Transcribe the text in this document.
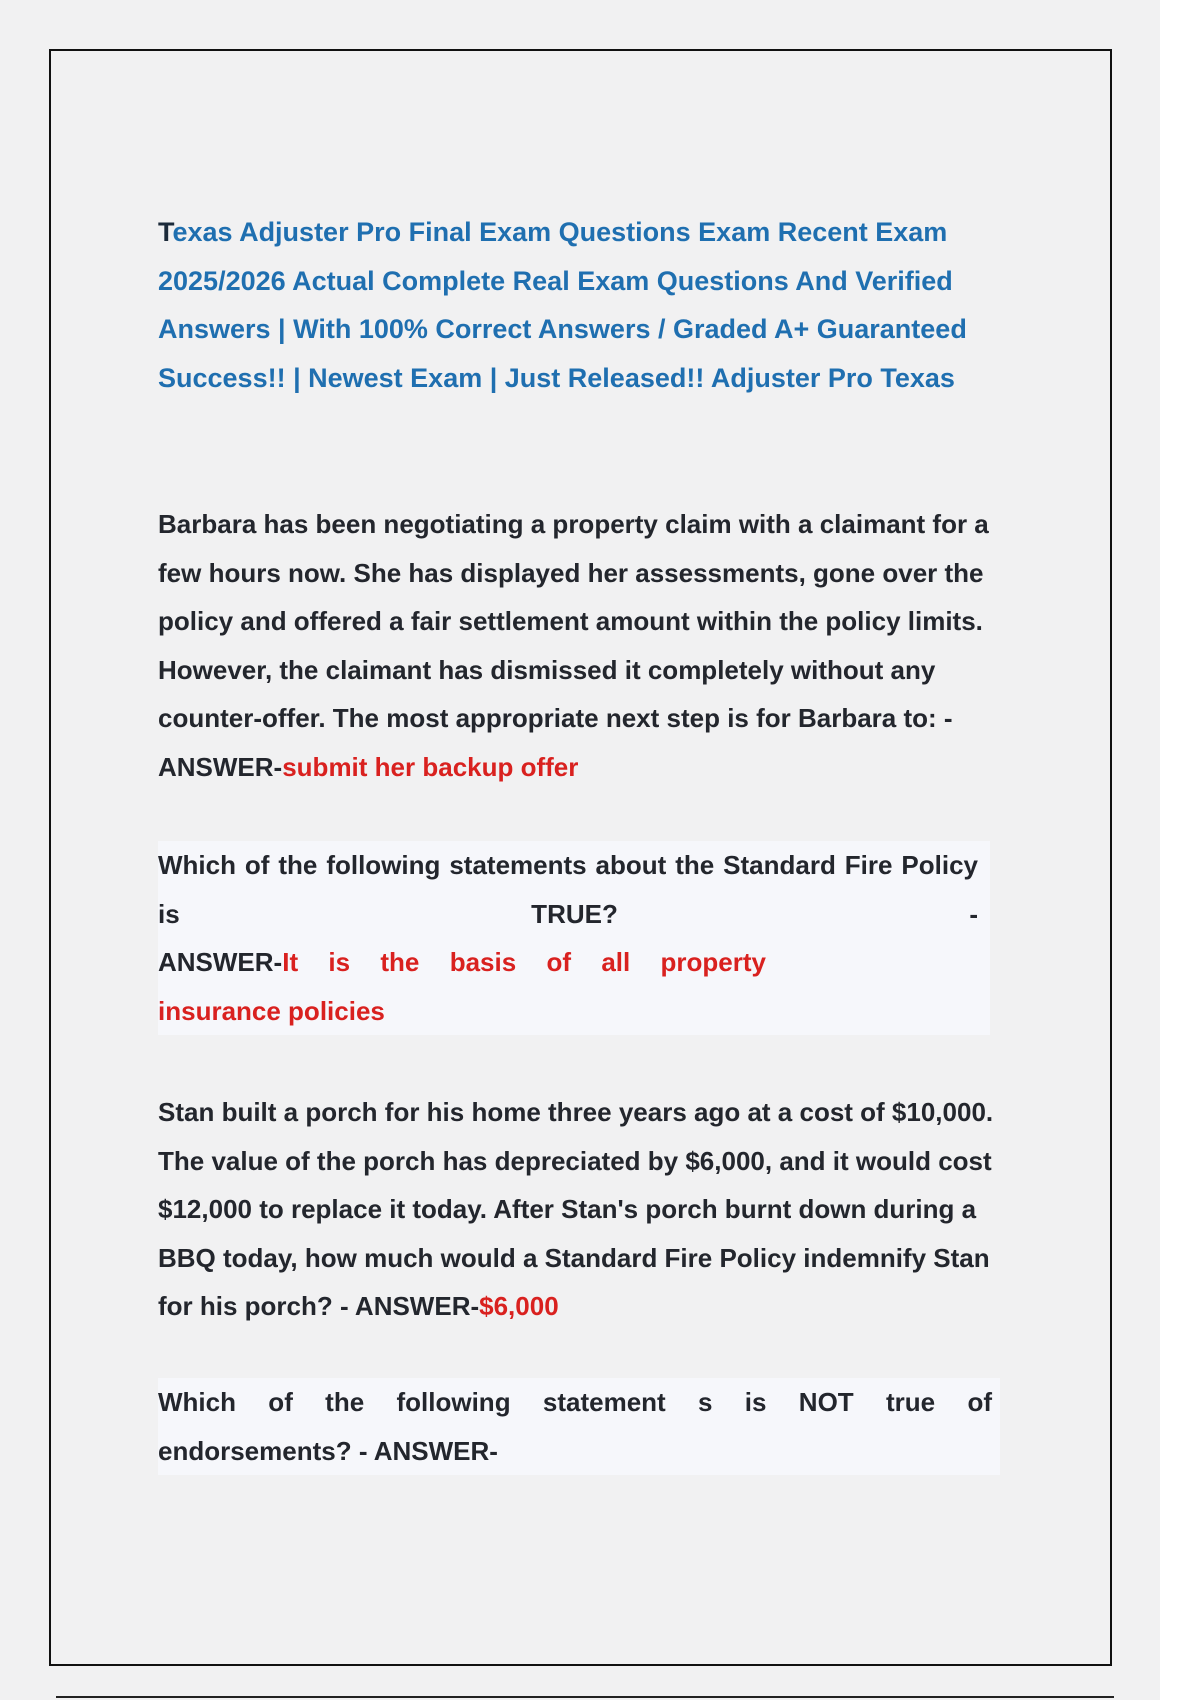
Texas Adjuster Pro Final Exam Questions Exam Recent Exam 2025/2026 Actual Complete Real Exam Questions And Verified Answers | With 100% Correct Answers / Graded A+ Guaranteed Success!! | Newest Exam | Just Released!! Adjuster Pro Texas

Barbara has been negotiating a property claim with a claimant for a few hours now. She has displayed her assessments, gone over the policy and offered a fair settlement amount within the policy limits. However, the claimant has dismissed it completely without any counter-offer. The most appropriate next step is for Barbara to: - ANSWER-submit her backup offer

Which of the following statements about the Standard Fire Policy is TRUE? -
ANSWER-It is the basis of all property
insurance policies

Stan built a porch for his home three years ago at a cost of $10,000. The value of the porch has depreciated by $6,000, and it would cost $12,000 to replace it today. After Stan's porch burnt down during a BBQ today, how much would a Standard Fire Policy indemnify Stan for his porch? - ANSWER-$6,000

Which of the following statement s is NOT true of
endorsements? - ANSWER-
